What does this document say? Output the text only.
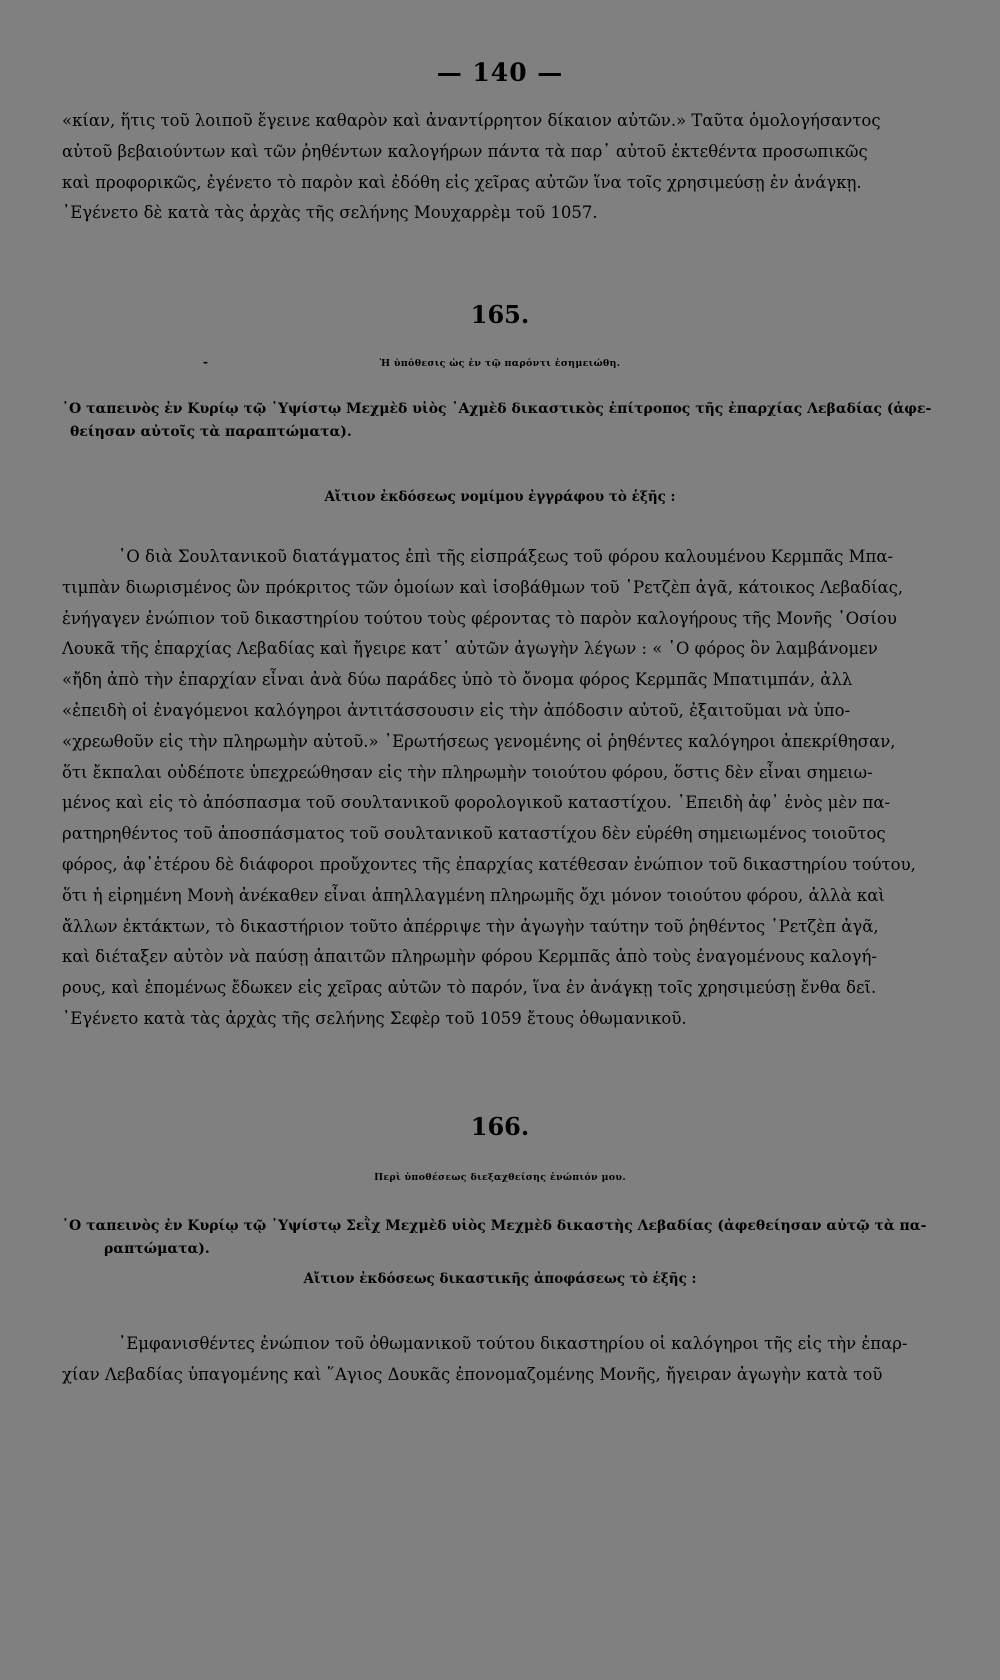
— 140 —

«κίαν, ἥτις τοῦ λοιποῦ ἔγεινε καθαρὸν καὶ ἀναντίρρητον δίκαιον αὐτῶν.» Ταῦτα ὁμολογήσαντος

αὐτοῦ βεβαιούντων καὶ τῶν ῥηθέντων καλογήρων πάντα τὰ παρ᾽ αὐτοῦ ἐκτεθέντα προσωπικῶς

καὶ προφορικῶς, ἐγένετο τὸ παρὸν καὶ ἐδόθη εἰς χεῖρας αὐτῶν ἵνα τοῖς χρησιμεύσῃ ἐν ἀνάγκῃ.

᾽Εγένετο δὲ κατὰ τὰς ἀρχὰς τῆς σελήνης Μουχαρρὲμ τοῦ 1057.

165.
-	Ἡ ὑπόθεσις ὡς ἐν τῷ παρόντι ἐσημειώθη.

῾Ο ταπεινὸς ἐν Κυρίῳ τῷ ῾Υψίστῳ Μεχμὲδ υἱὸς ᾽Αχμὲδ δικαστικὸς ἐπίτροπος τῆς ἐπαρχίας Λεβαδίας (ἀφε-

θείησαν αὐτοῖς τὰ παραπτώματα).

Αἴτιον ἐκδόσεως νομίμου ἐγγράφου τὸ ἑξῆς :

῾Ο διὰ Σουλτανικοῦ διατάγματος ἐπὶ τῆς εἰσπράξεως τοῦ φόρου καλουμένου Κερμπᾶς Μπα-

τιμπὰν διωρισμένος ὢν πρόκριτος τῶν ὁμοίων καὶ ἰσοβάθμων τοῦ ῾Ρετζὲπ ἀγᾶ, κάτοικος Λεβαδίας,

ἐνήγαγεν ἐνώπιον τοῦ δικαστηρίου τούτου τοὺς φέροντας τὸ παρὸν καλογήρους τῆς Μονῆς ῾Οσίου

Λουκᾶ τῆς ἐπαρχίας Λεβαδίας καὶ ἤγειρε κατ᾽ αὐτῶν ἀγωγὴν λέγων : « ῾Ο φόρος ὃν λαμβάνομεν

«ἤδη ἀπὸ τὴν ἐπαρχίαν εἶναι ἀνὰ δύω παράδες ὑπὸ τὸ ὄνομα φόρος Κερμπᾶς Μπατιμπάν, ἀλλ

«ἐπειδὴ οἱ ἐναγόμενοι καλόγηροι ἀντιτάσσουσιν εἰς τὴν ἀπόδοσιν αὐτοῦ, ἐξαιτοῦμαι νὰ ὑπο-

«χρεωθοῦν εἰς τὴν πληρωμὴν αὐτοῦ.» ᾽Ερωτήσεως γενομένης οἱ ῥηθέντες καλόγηροι ἀπεκρίθησαν,

ὅτι ἔκπαλαι οὐδέποτε ὑπεχρεώθησαν εἰς τὴν πληρωμὴν τοιούτου φόρου, ὅστις δὲν εἶναι σημειω-

μένος καὶ εἰς τὸ ἀπόσπασμα τοῦ σουλτανικοῦ φορολογικοῦ καταστίχου. ᾽Επειδὴ ἀφ᾽ ἑνὸς μὲν πα-

ρατηρηθέντος τοῦ ἀποσπάσματος τοῦ σουλτανικοῦ καταστίχου δὲν εὑρέθη σημειωμένος τοιοῦτος

φόρος, ἀφ᾽ἑτέρου δὲ διάφοροι προὔχοντες τῆς ἐπαρχίας κατέθεσαν ἐνώπιον τοῦ δικαστηρίου τούτου,

ὅτι ἡ εἰρημένη Μονὴ ἀνέκαθεν εἶναι ἀπηλλαγμένη πληρωμῆς ὄχι μόνον τοιούτου φόρου, ἀλλὰ καὶ

ἄλλων ἐκτάκτων, τὸ δικαστήριον τοῦτο ἀπέρριψε τὴν ἀγωγὴν ταύτην τοῦ ῥηθέντος ῾Ρετζὲπ ἀγᾶ,

καὶ διέταξεν αὐτὸν νὰ παύσῃ ἀπαιτῶν πληρωμὴν φόρου Κερμπᾶς ἀπὸ τοὺς ἐναγομένους καλογή-

ρους, καὶ ἑπομένως ἔδωκεν εἰς χεῖρας αὐτῶν τὸ παρόν, ἵνα ἐν ἀνάγκῃ τοῖς χρησιμεύσῃ ἔνθα δεῖ.

᾽Εγένετο κατὰ τὰς ἀρχὰς τῆς σελήνης Σεφὲρ τοῦ 1059 ἔτους ὀθωμανικοῦ.

166.
Περὶ ὑποθέσεως διεξαχθείσης ἐνώπιόν μου.

῾Ο ταπεινὸς ἐν Κυρίῳ τῷ ῾Υψίστῳ Σεῒχ Μεχμὲδ υἱὸς Μεχμὲδ δικαστὴς Λεβαδίας (ἀφεθείησαν αὐτῷ τὰ πα-

ραπτώματα).

Αἴτιον ἐκδόσεως δικαστικῆς ἀποφάσεως τὸ ἑξῆς :

᾽Εμφανισθέντες ἐνώπιον τοῦ ὀθωμανικοῦ τούτου δικαστηρίου οἱ καλόγηροι τῆς εἰς τὴν ἐπαρ-

χίαν Λεβαδίας ὑπαγομένης καὶ ῞Αγιος Δουκᾶς ἐπονομαζομένης Μονῆς, ἤγειραν ἀγωγὴν κατὰ τοῦ
